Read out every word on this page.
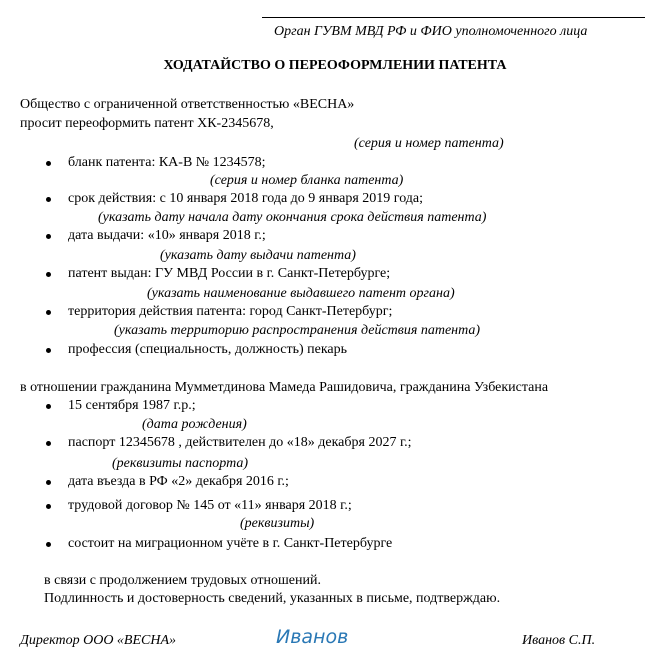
Орган ГУВМ МВД РФ и ФИО уполномоченного лица
ХОДАТАЙСТВО О ПЕРЕОФОРМЛЕНИИ ПАТЕНТА
Общество с ограниченной ответственностью «ВЕСНА»
просит переоформить патент ХК-2345678,
(серия и номер патента)
бланк патента: КА-В № 1234578;
(серия и номер бланка патента)
срок действия: с 10 января 2018 года до 9 января 2019 года;
(указать дату начала дату окончания срока действия патента)
дата выдачи: «10» января 2018 г.;
(указать дату выдачи патента)
патент выдан: ГУ МВД России в г. Санкт-Петербурге;
(указать наименование выдавшего патент органа)
территория действия патента: город Санкт-Петербург;
(указать территорию распространения действия патента)
профессия (специальность, должность) пекарь
в отношении гражданина Мумметдинова Мамеда Рашидовича, гражданина Узбекистана
15 сентября 1987 г.р.;
(дата рождения)
паспорт 12345678 , действителен до «18» декабря 2027 г.;
(реквизиты паспорта)
дата въезда в РФ «2» декабря 2016 г.;
трудовой договор № 145 от «11» января 2018 г.;
(реквизиты)
состоит на миграционном учёте в г. Санкт-Петербурге
в связи с продолжением трудовых отношений.
Подлинность и достоверность сведений, указанных в письме, подтверждаю.
Директор ООО «ВЕСНА»	Иванов	Иванов С.П.
